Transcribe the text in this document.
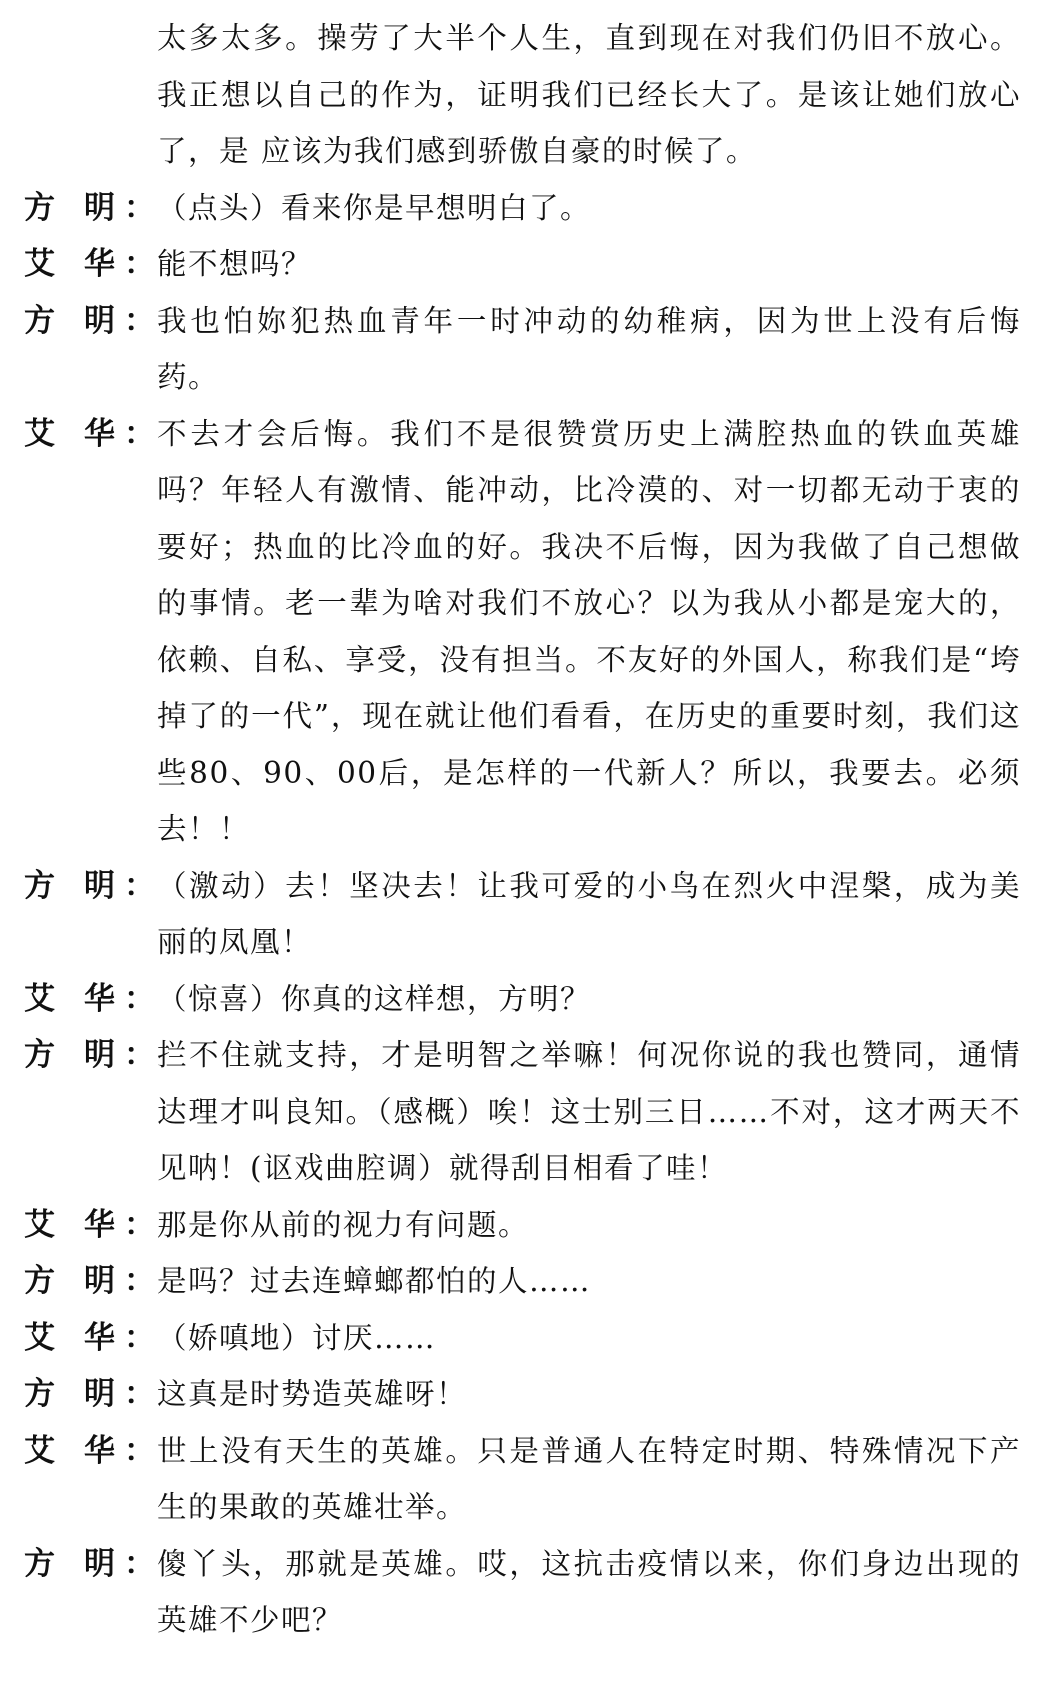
太多太多。操劳了大半个人生，直到现在对我们仍旧不放心。我正想以自己的作为，证明我们已经长大了。是该让她们放心了，是 应该为我们感到骄傲自豪的时候了。
方 明 ： （点头）看来你是早想明白了。
艾 华 ： 能不想吗？
方 明 ： 我也怕妳犯热血青年一时冲动的幼稚病，因为世上没有后悔药。
艾 华 ： 不去才会后悔。我们不是很赞赏历史上满腔热血的铁血英雄吗？年轻人有激情、能冲动，比冷漠的、对一切都无动于衷的要好；热血的比冷血的好。我决不后悔，因为我做了自己想做的事情。老一辈为啥对我们不放心？以为我从小都是宠大的，依赖、自私、享受，没有担当。不友好的外国人，称我们是“垮掉了的一代”，现在就让他们看看，在历史的重要时刻，我们这些80、90、00后，是怎样的一代新人？所以，我要去。必须去！！
方 明 ： （激动）去！坚决去！让我可爱的小鸟在烈火中涅槃，成为美丽的凤凰！
艾 华 ： （惊喜）你真的这样想，方明？
方 明 ： 拦不住就支持，才是明智之举嘛！何况你说的我也赞同，通情达理才叫良知。（感概）唉！这士别三日……不对，这才两天不见呐！(讴戏曲腔调）就得刮目相看了哇！
艾 华 ： 那是你从前的视力有问题。
方 明 ： 是吗？过去连蟑螂都怕的人……
艾 华 ： （娇嗔地）讨厌……
方 明 ： 这真是时势造英雄呀！
艾 华 ： 世上没有天生的英雄。只是普通人在特定时期、特殊情况下产生的果敢的英雄壮举。
方 明 ： 傻丫头，那就是英雄。哎，这抗击疫情以来，你们身边出现的英雄不少吧？
